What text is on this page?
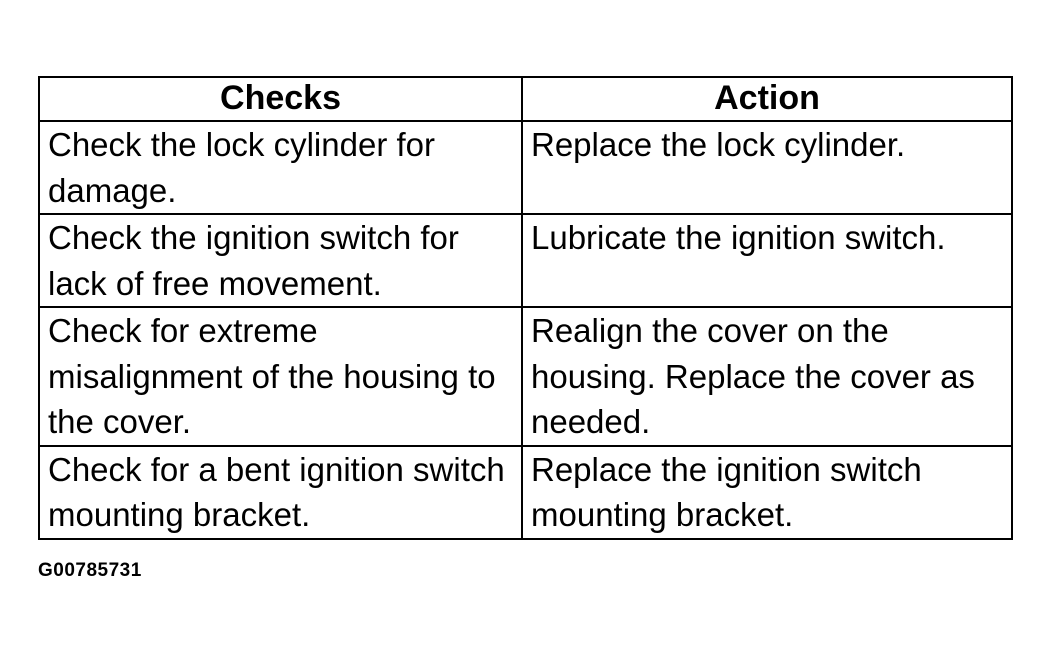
Checks	Action
Check the lock cylinder for damage.	Replace the lock cylinder.
Check the ignition switch for lack of free movement.	Lubricate the ignition switch.
Check for extreme misalignment of the housing to the cover.	Realign the cover on the housing. Replace the cover as needed.
Check for a bent ignition switch mounting bracket.	Replace the ignition switch mounting bracket.
G00785731
